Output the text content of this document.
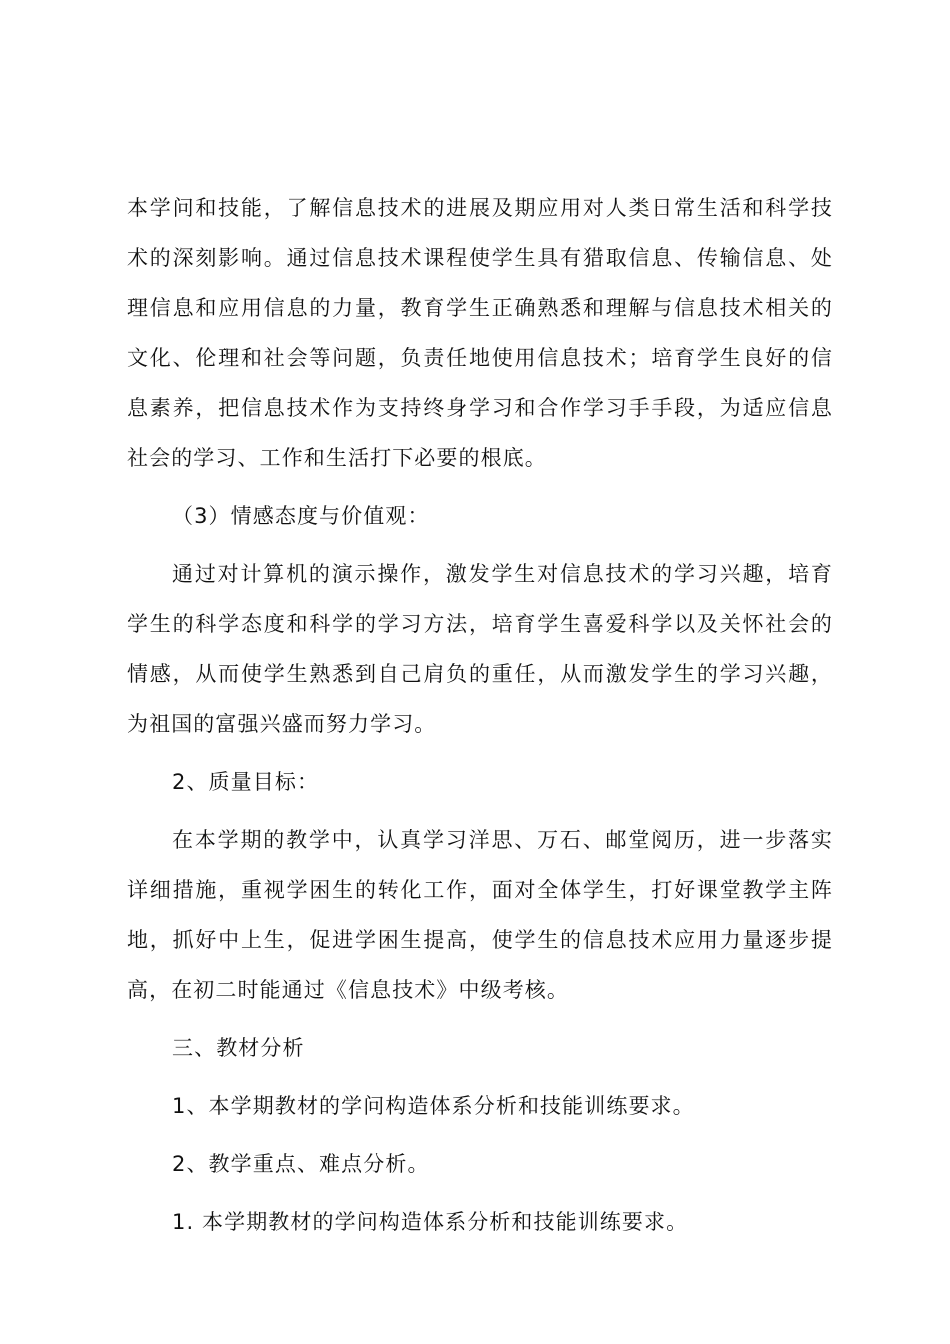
本学问和技能，了解信息技术的进展及期应用对人类日常生活和科学技术的深刻影响。通过信息技术课程使学生具有猎取信息、传输信息、处理信息和应用信息的力量，教育学生正确熟悉和理解与信息技术相关的文化、伦理和社会等问题，负责任地使用信息技术；培育学生良好的信息素养，把信息技术作为支持终身学习和合作学习手手段，为适应信息社会的学习、工作和生活打下必要的根底。

（3）情感态度与价值观：

通过对计算机的演示操作，激发学生对信息技术的学习兴趣，培育学生的科学态度和科学的学习方法，培育学生喜爱科学以及关怀社会的情感，从而使学生熟悉到自己肩负的重任，从而激发学生的学习兴趣，为祖国的富强兴盛而努力学习。

2、质量目标：

在本学期的教学中，认真学习洋思、万石、邮堂阅历，进一步落实详细措施，重视学困生的转化工作，面对全体学生，打好课堂教学主阵地，抓好中上生，促进学困生提高，使学生的信息技术应用力量逐步提高，在初二时能通过《信息技术》中级考核。

三、教材分析

1、本学期教材的学问构造体系分析和技能训练要求。

2、教学重点、难点分析。

1. 本学期教材的学问构造体系分析和技能训练要求。
